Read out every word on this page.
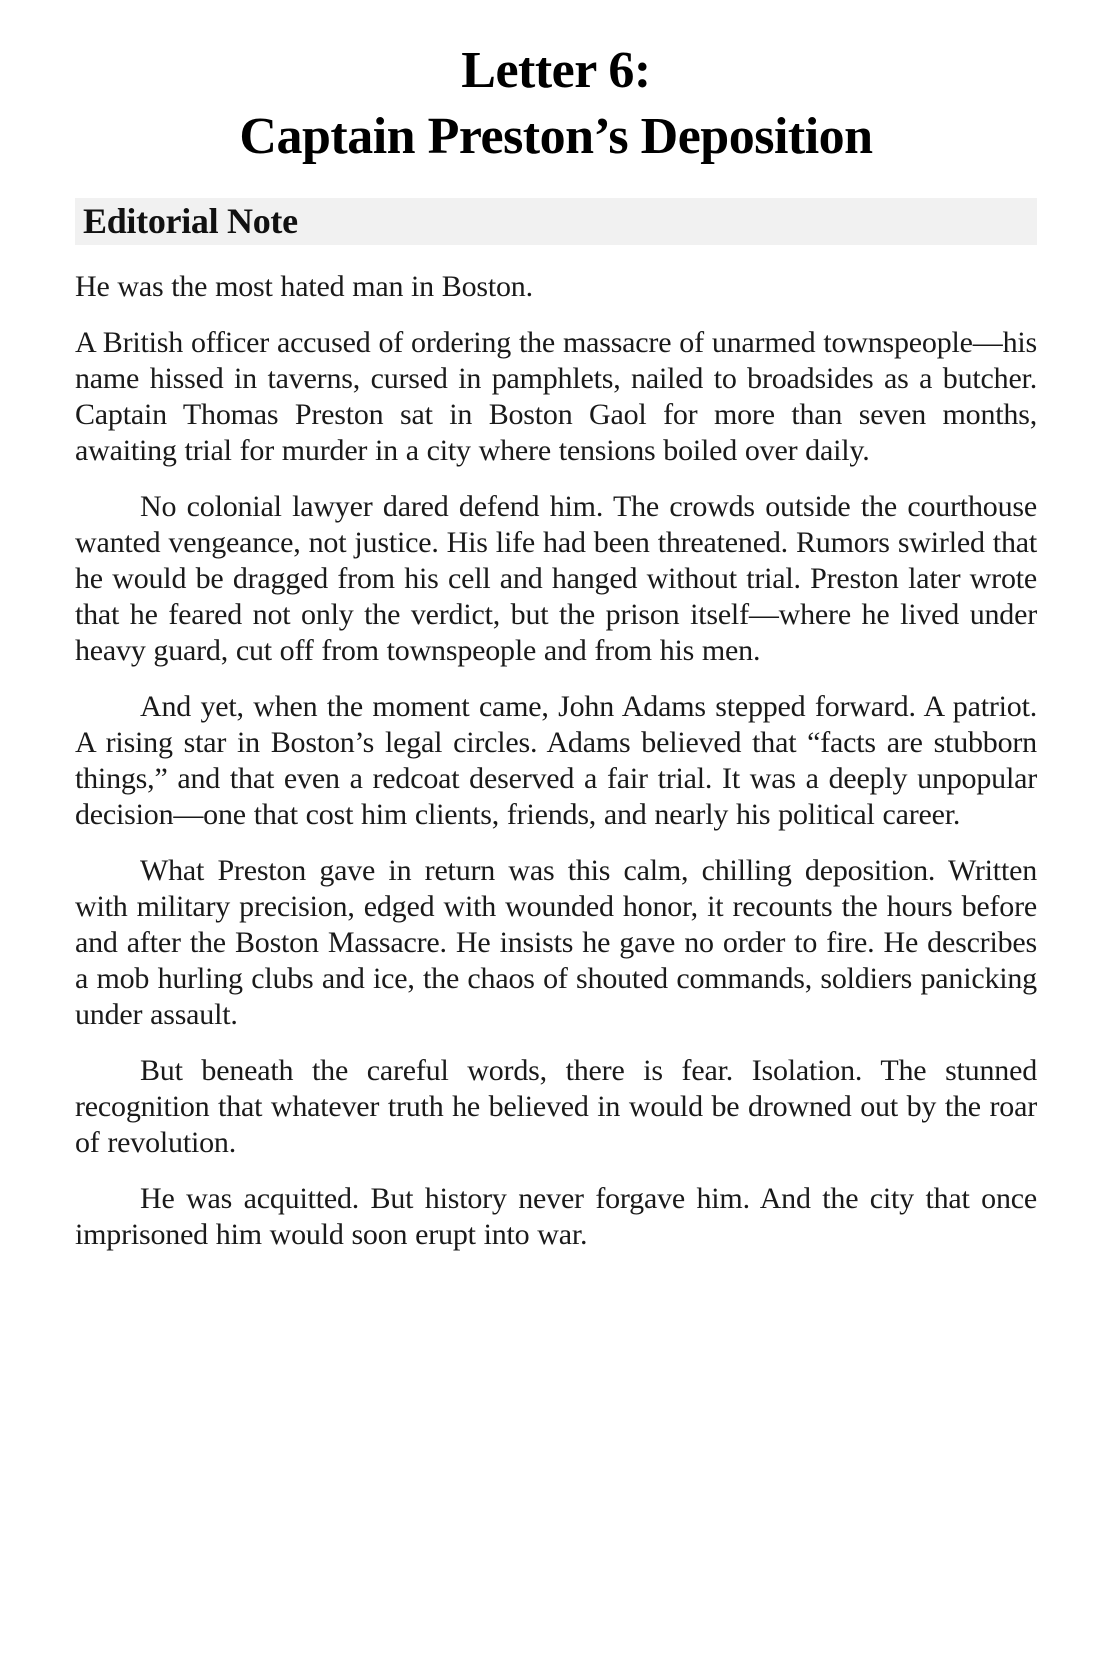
Letter 6:
Captain Preston’s Deposition
Editorial Note

He was the most hated man in Boston.

A British officer accused of ordering the massacre of unarmed townspeople—his name hissed in taverns, cursed in pamphlets, nailed to broadsides as a butcher. Captain Thomas Preston sat in Boston Gaol for more than seven months, awaiting trial for murder in a city where tensions boiled over daily.

No colonial lawyer dared defend him. The crowds outside the courthouse wanted vengeance, not justice. His life had been threatened. Rumors swirled that he would be dragged from his cell and hanged without trial. Preston later wrote that he feared not only the verdict, but the prison itself—where he lived under heavy guard, cut off from townspeople and from his men.

And yet, when the moment came, John Adams stepped forward. A patriot. A rising star in Boston’s legal circles. Adams believed that “facts are stubborn things,” and that even a redcoat deserved a fair trial. It was a deeply unpopular decision—one that cost him clients, friends, and nearly his political career.

What Preston gave in return was this calm, chilling deposition. Written with military precision, edged with wounded honor, it recounts the hours before and after the Boston Massacre. He insists he gave no order to fire. He describes a mob hurling clubs and ice, the chaos of shouted commands, soldiers panicking under assault.

But beneath the careful words, there is fear. Isolation. The stunned recognition that whatever truth he believed in would be drowned out by the roar of revolution.

He was acquitted. But history never forgave him. And the city that once imprisoned him would soon erupt into war.
